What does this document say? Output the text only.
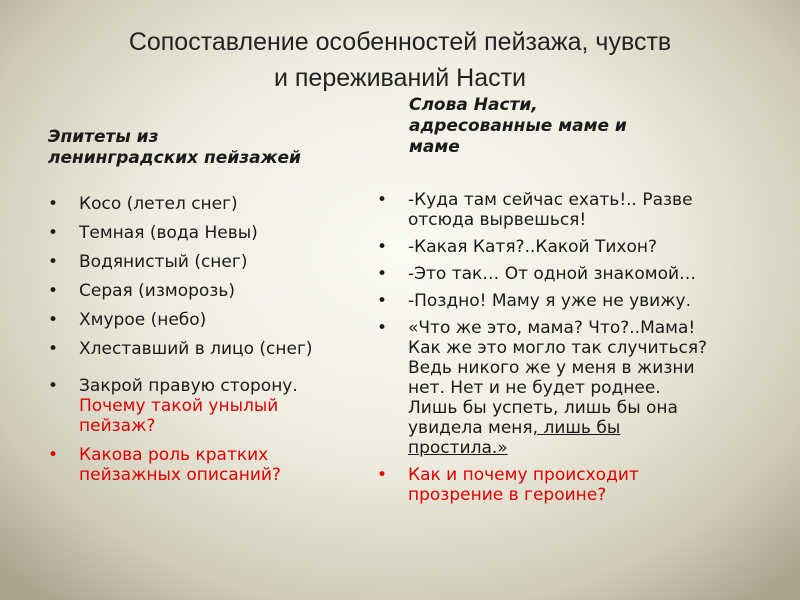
Сопоставление особенностей пейзажа, чувств
и переживаний Насти
Эпитеты из
ленинградских пейзажей
Слова Насти,
адресованные маме и
маме
• Косо (летел снег)
• Темная (вода Невы)
• Водянистый (снег)
• Серая (изморозь)
• Хмурое (небо)
• Хлеставший в лицо (снег)
• Закрой правую сторону.
Почему такой унылый
пейзаж?
• Какова роль кратких
пейзажных описаний?
• -Куда там сейчас ехать!.. Разве
отсюда вырвешься!
• -Какая Катя?..Какой Тихон?
• -Это так… От одной знакомой…
• -Поздно! Маму я уже не увижу.
• «Что же это, мама? Что?..Мама!
Как же это могло так случиться?
Ведь никого же у меня в жизни
нет. Нет и не будет роднее.
Лишь бы успеть, лишь бы она
увидела меня, лишь бы
простила.»
• Как и почему происходит
прозрение в героине?
